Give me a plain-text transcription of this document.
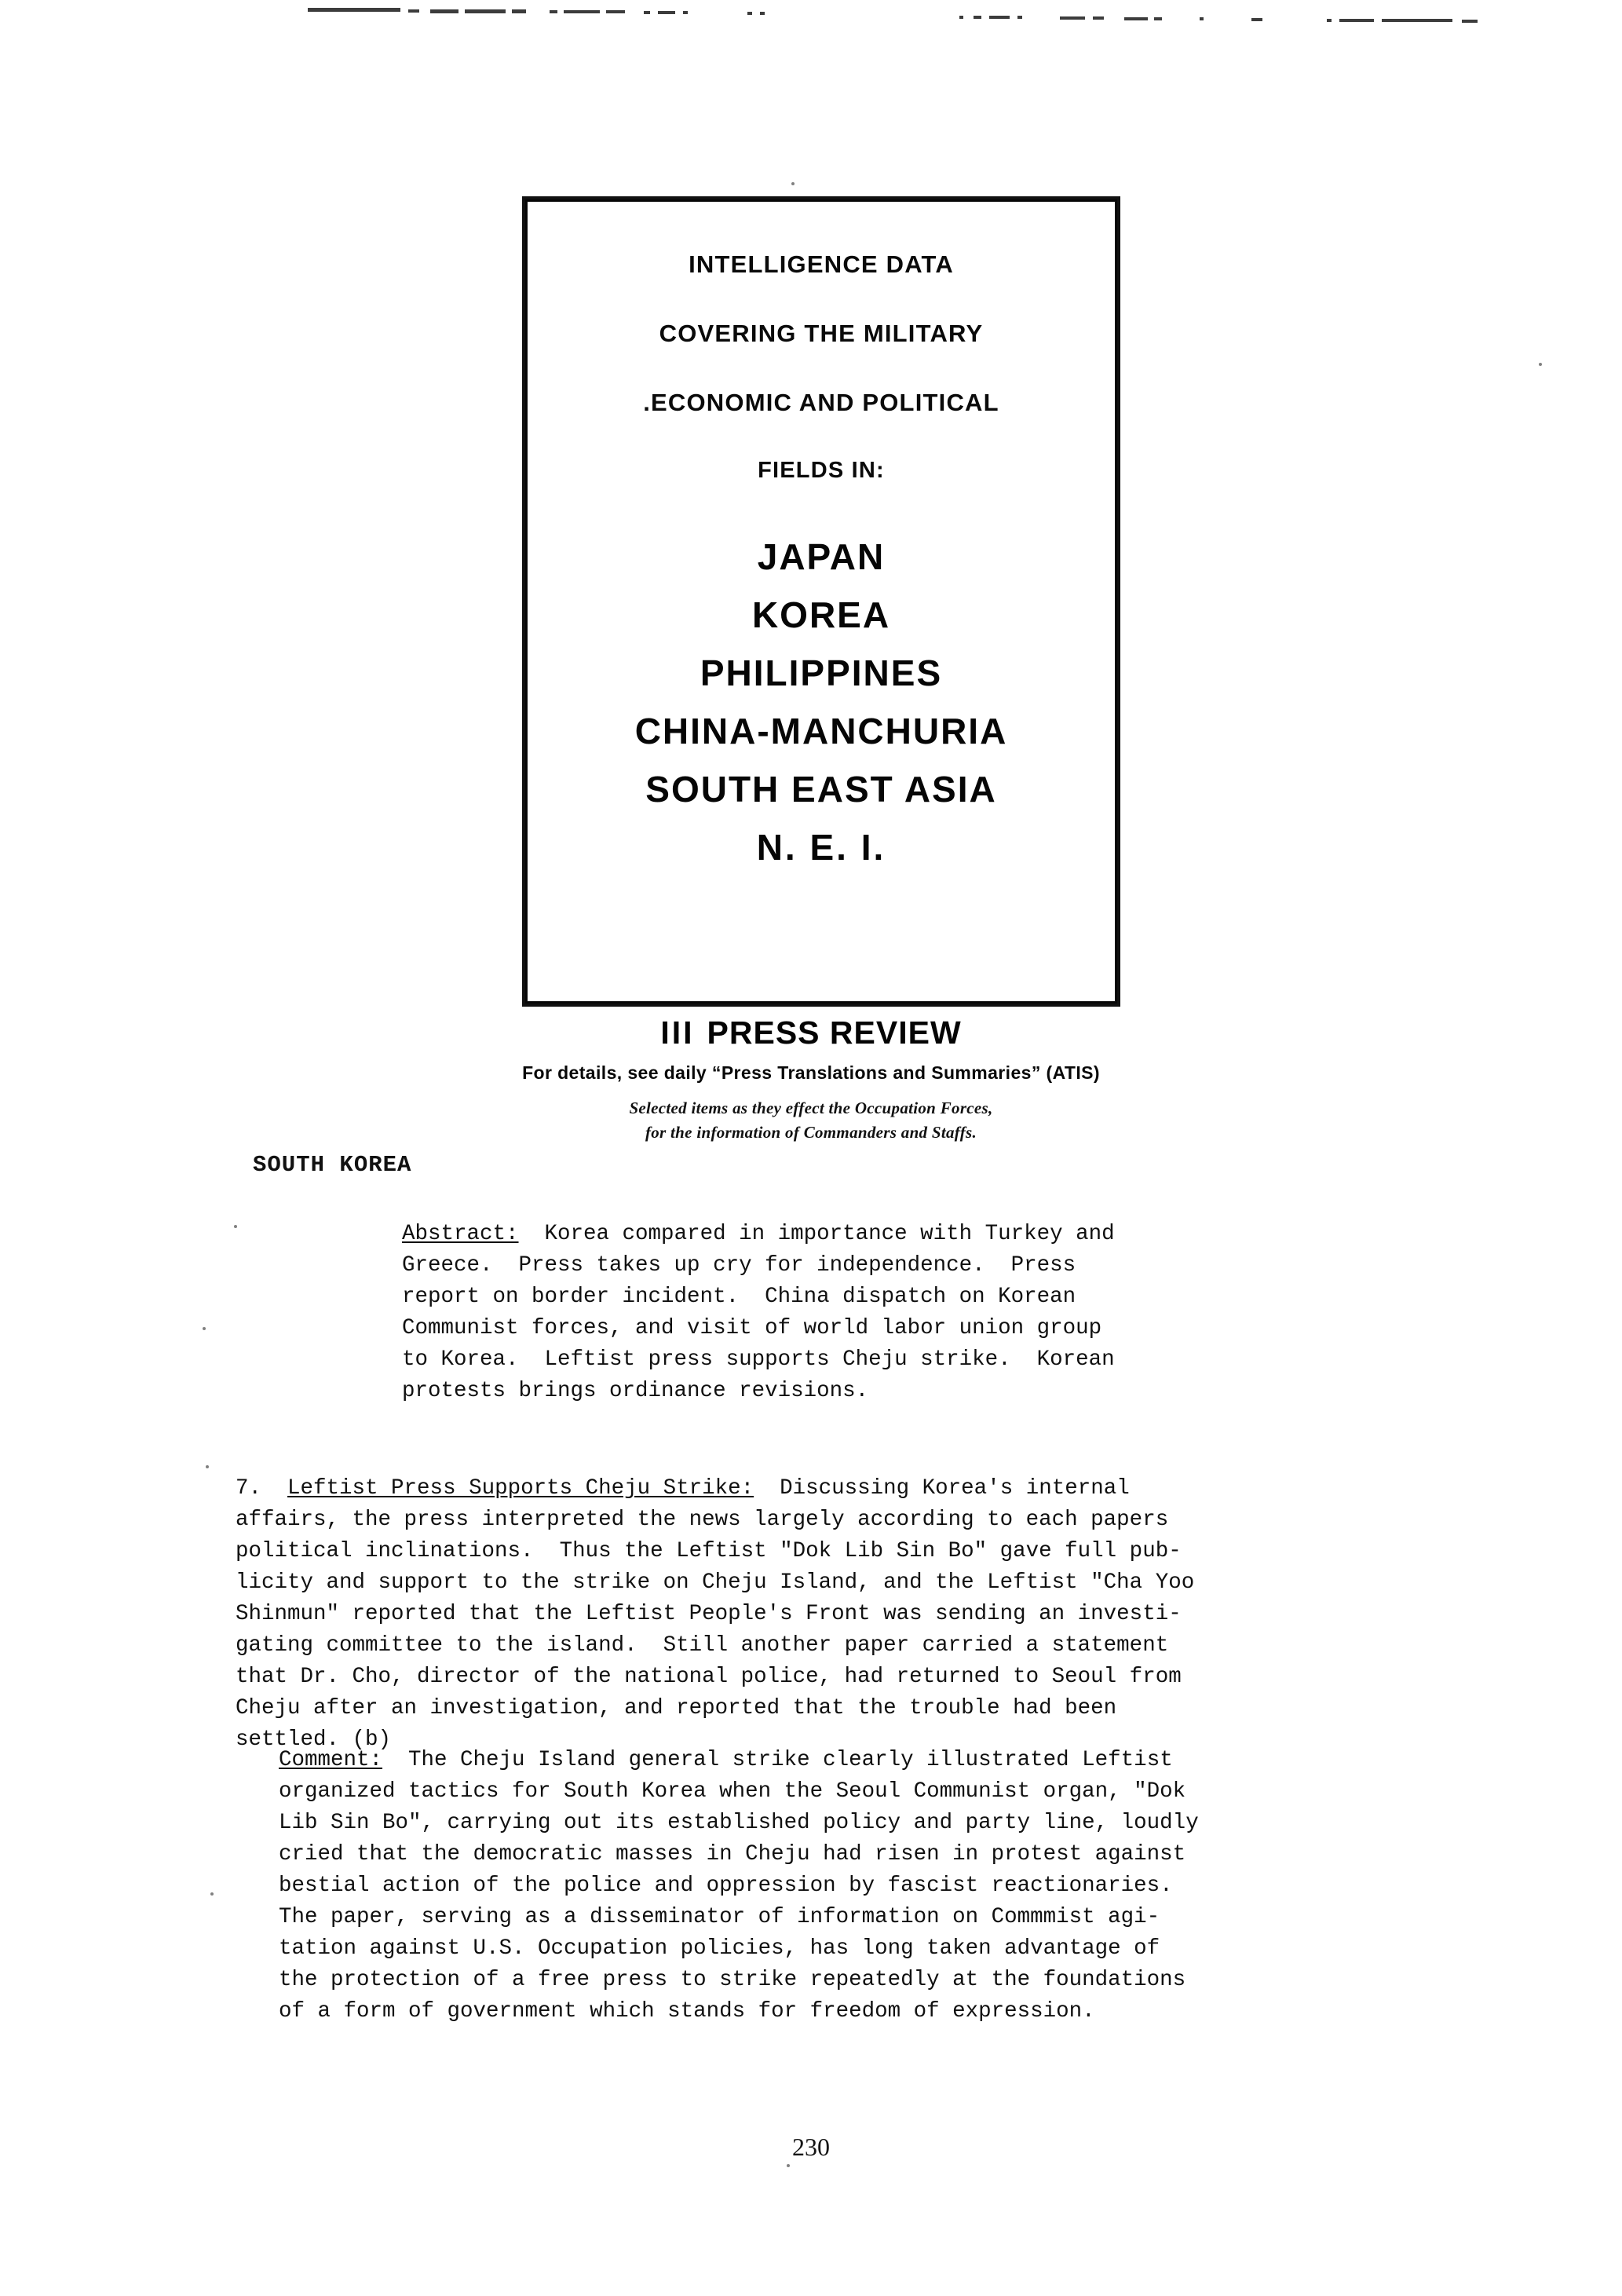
INTELLIGENCE DATA
COVERING THE MILITARY
.ECONOMIC AND POLITICAL
FIELDS IN:
JAPAN
KOREA
PHILIPPINES
CHINA-MANCHURIA
SOUTH EAST ASIA
N. E. I.
III PRESS REVIEW
For details, see daily “Press Translations and Summaries” (ATIS)
Selected items as they effect the Occupation Forces,
for the information of Commanders and Staffs.
SOUTH KOREA
Abstract:  Korea compared in importance with Turkey and
Greece.  Press takes up cry for independence.  Press
report on border incident.  China dispatch on Korean
Communist forces, and visit of world labor union group
to Korea.  Leftist press supports Cheju strike.  Korean
protests brings ordinance revisions.
7. Leftist Press Supports Cheju Strike:  Discussing Korea's internal
affairs, the press interpreted the news largely according to each papers
political inclinations.  Thus the Leftist "Dok Lib Sin Bo" gave full pub-
licity and support to the strike on Cheju Island, and the Leftist "Cha Yoo
Shinmun" reported that the Leftist People's Front was sending an investi-
gating committee to the island.  Still another paper carried a statement
that Dr. Cho, director of the national police, had returned to Seoul from
Cheju after an investigation, and reported that the trouble had been
settled. (b)
Comment:  The Cheju Island general strike clearly illustrated Leftist
organized tactics for South Korea when the Seoul Communist organ, "Dok
Lib Sin Bo", carrying out its established policy and party line, loudly
cried that the democratic masses in Cheju had risen in protest against
bestial action of the police and oppression by fascist reactionaries.
The paper, serving as a disseminator of information on Commmist agi-
tation against U.S. Occupation policies, has long taken advantage of
the protection of a free press to strike repeatedly at the foundations
of a form of government which stands for freedom of expression.
230
